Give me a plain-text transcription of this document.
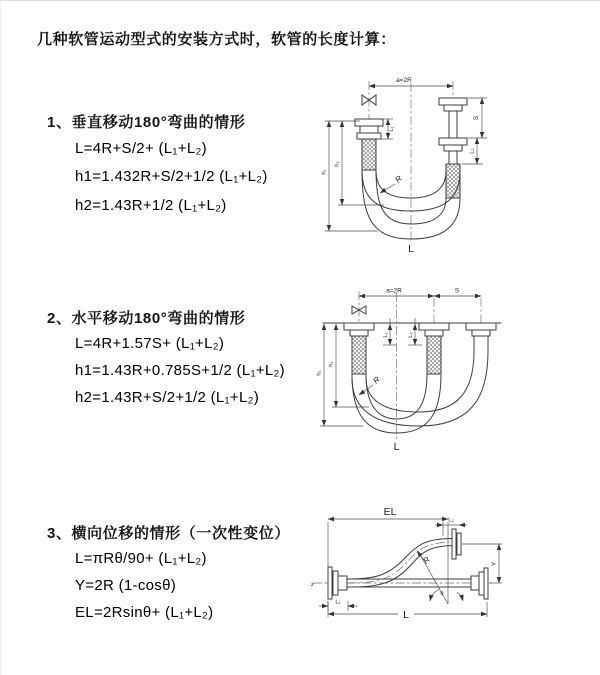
几种软管运动型式的安装方式时，软管的长度计算：
1、垂直移动180°弯曲的情形
L=4R+S/2+ (L₁+L₂)
h1=1.432R+S/2+1/2 (L₁+L₂)
h2=1.43R+1/2 (L₁+L₂)
2、水平移动180°弯曲的情形
L=4R+1.57S+ (L₁+L₂)
h1=1.43R+0.785S+1/2 (L₁+L₂)
h2=1.43R+S/2+1/2 (L₁+L₂)
3、横向位移的情形（一次性变位）
L=πRθ/90+ (L₁+L₂)
Y=2R (1-cosθ)
EL=2Rsinθ+ (L₁+L₂)
a=2R
S
L₂
L₁
h₁
h₂
R
L
a=2R	S
h₁
h₂
L₁	L₂
R
L
EL
L₂
Y
θ
R
L₁
L
z
